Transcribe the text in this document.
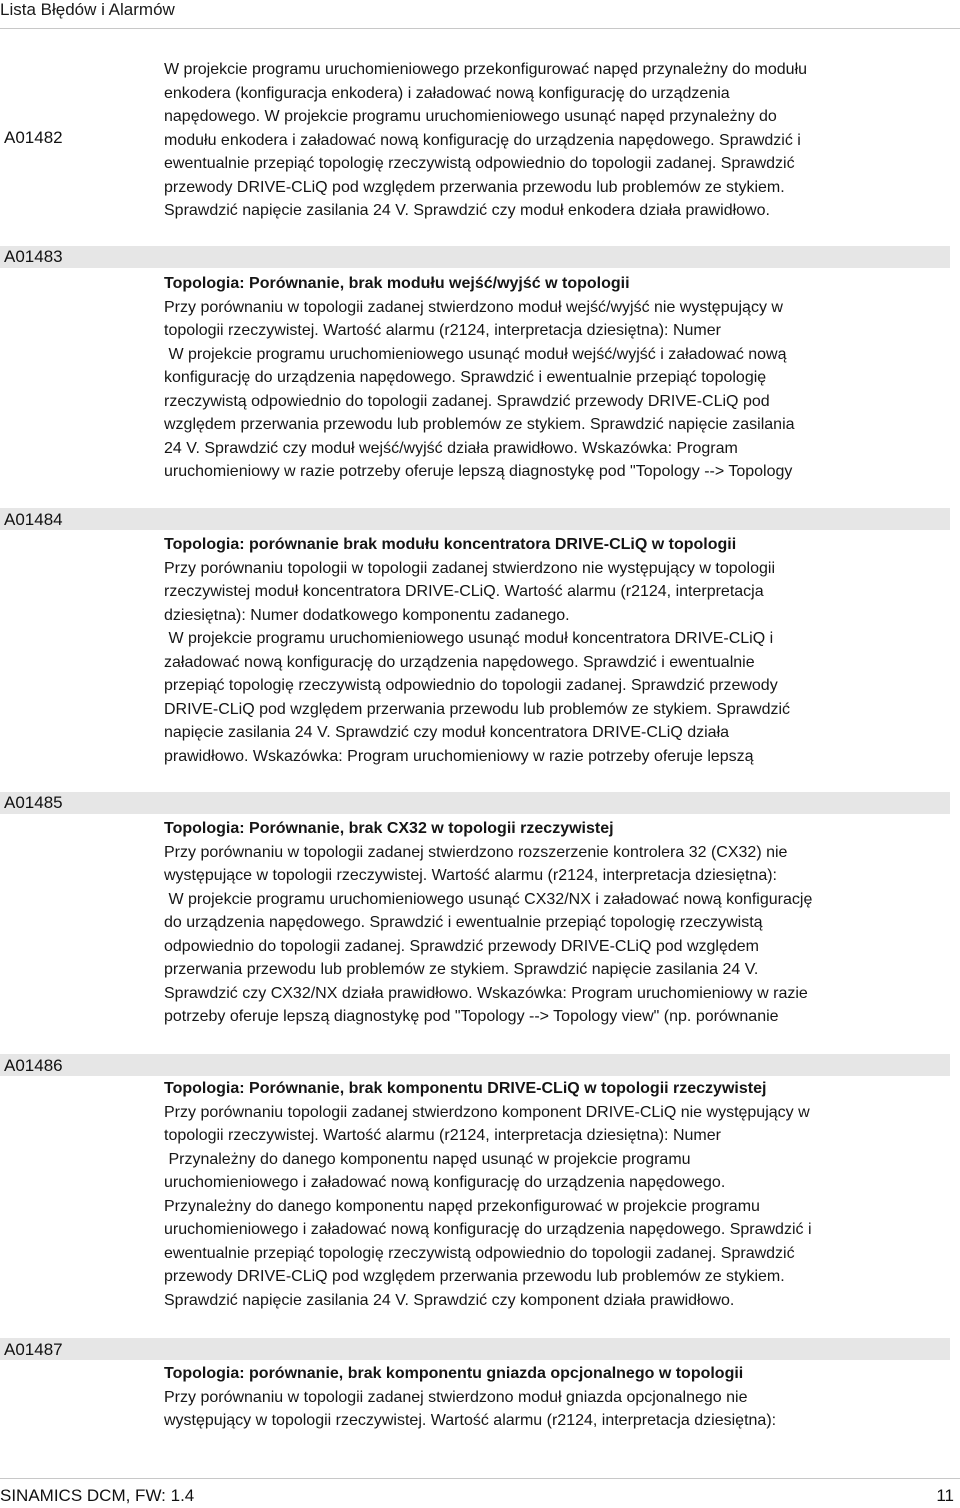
Lista Błędów i Alarmów
A01482

W projekcie programu uruchomieniowego przekonfigurować napęd przynależny do modułu

enkodera (konfiguracja enkodera) i załadować nową konfigurację do urządzenia

napędowego. W projekcie programu uruchomieniowego usunąć napęd przynależny do

modułu enkodera i załadować nową konfigurację do urządzenia napędowego. Sprawdzić i

ewentualnie przepiąć topologię rzeczywistą odpowiednio do topologii zadanej. Sprawdzić

przewody DRIVE-CLiQ pod względem przerwania przewodu lub problemów ze stykiem.

Sprawdzić napięcie zasilania 24 V. Sprawdzić czy moduł enkodera działa prawidłowo.

A01483

Topologia: Porównanie, brak modułu wejść/wyjść w topologii

Przy porównaniu w topologii zadanej stwierdzono moduł wejść/wyjść nie występujący w

topologii rzeczywistej. Wartość alarmu (r2124, interpretacja dziesiętna): Numer

W projekcie programu uruchomieniowego usunąć moduł wejść/wyjść i załadować nową

konfigurację do urządzenia napędowego. Sprawdzić i ewentualnie przepiąć topologię

rzeczywistą odpowiednio do topologii zadanej. Sprawdzić przewody DRIVE-CLiQ pod

względem przerwania przewodu lub problemów ze stykiem. Sprawdzić napięcie zasilania

24 V. Sprawdzić czy moduł wejść/wyjść działa prawidłowo. Wskazówka: Program

uruchomieniowy w razie potrzeby oferuje lepszą diagnostykę pod "Topology --> Topology

A01484

Topologia: porównanie brak modułu koncentratora DRIVE-CLiQ w topologii

Przy porównaniu topologii w topologii zadanej stwierdzono nie występujący w topologii

rzeczywistej moduł koncentratora DRIVE-CLiQ. Wartość alarmu (r2124, interpretacja

dziesiętna): Numer dodatkowego komponentu zadanego.

W projekcie programu uruchomieniowego usunąć moduł koncentratora DRIVE-CLiQ i

załadować nową konfigurację do urządzenia napędowego. Sprawdzić i ewentualnie

przepiąć topologię rzeczywistą odpowiednio do topologii zadanej. Sprawdzić przewody

DRIVE-CLiQ pod względem przerwania przewodu lub problemów ze stykiem. Sprawdzić

napięcie zasilania 24 V. Sprawdzić czy moduł koncentratora DRIVE-CLiQ działa

prawidłowo. Wskazówka: Program uruchomieniowy w razie potrzeby oferuje lepszą

A01485

Topologia: Porównanie, brak CX32 w topologii rzeczywistej

Przy porównaniu w topologii zadanej stwierdzono rozszerzenie kontrolera 32 (CX32) nie

występujące w topologii rzeczywistej. Wartość alarmu (r2124, interpretacja dziesiętna):

W projekcie programu uruchomieniowego usunąć CX32/NX i załadować nową konfigurację

do urządzenia napędowego. Sprawdzić i ewentualnie przepiąć topologię rzeczywistą

odpowiednio do topologii zadanej. Sprawdzić przewody DRIVE-CLiQ pod względem

przerwania przewodu lub problemów ze stykiem. Sprawdzić napięcie zasilania 24 V.

Sprawdzić czy CX32/NX działa prawidłowo. Wskazówka: Program uruchomieniowy w razie

potrzeby oferuje lepszą diagnostykę pod "Topology --> Topology view" (np. porównanie

A01486

Topologia: Porównanie, brak komponentu DRIVE-CLiQ w topologii rzeczywistej

Przy porównaniu topologii zadanej stwierdzono komponent DRIVE-CLiQ nie występujący w

topologii rzeczywistej. Wartość alarmu (r2124, interpretacja dziesiętna): Numer

Przynależny do danego komponentu napęd usunąć w projekcie programu

uruchomieniowego i załadować nową konfigurację do urządzenia napędowego.

Przynależny do danego komponentu napęd przekonfigurować w projekcie programu

uruchomieniowego i załadować nową konfigurację do urządzenia napędowego. Sprawdzić i

ewentualnie przepiąć topologię rzeczywistą odpowiednio do topologii zadanej. Sprawdzić

przewody DRIVE-CLiQ pod względem przerwania przewodu lub problemów ze stykiem.

Sprawdzić napięcie zasilania 24 V. Sprawdzić czy komponent działa prawidłowo.

A01487

Topologia: porównanie, brak komponentu gniazda opcjonalnego w topologii

Przy porównaniu w topologii zadanej stwierdzono moduł gniazda opcjonalnego nie

występujący w topologii rzeczywistej. Wartość alarmu (r2124, interpretacja dziesiętna):

SINAMICS DCM, FW: 1.4	11
